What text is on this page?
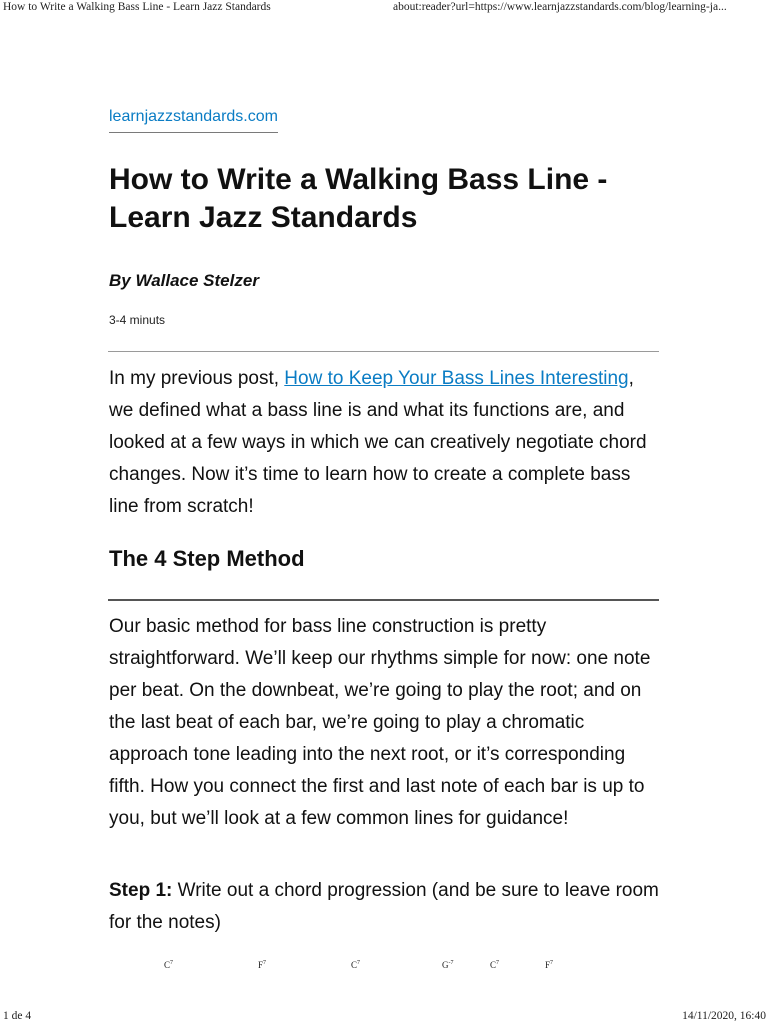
How to Write a Walking Bass Line - Learn Jazz Standards	about:reader?url=https://www.learnjazzstandards.com/blog/learning-ja...
learnjazzstandards.com
How to Write a Walking Bass Line - Learn Jazz Standards

By Wallace Stelzer

3-4 minuts

In my previous post, How to Keep Your Bass Lines Interesting, we defined what a bass line is and what its functions are, and looked at a few ways in which we can creatively negotiate chord changes. Now it’s time to learn how to create a complete bass line from scratch!

The 4 Step Method

Our basic method for bass line construction is pretty straightforward. We’ll keep our rhythms simple for now: one note per beat. On the downbeat, we’re going to play the root; and on the last beat of each bar, we’re going to play a chromatic approach tone leading into the next root, or it’s corresponding fifth. How you connect the first and last note of each bar is up to you, but we’ll look at a few common lines for guidance!

Step 1: Write out a chord progression (and be sure to leave room for the notes)

$C^7$	$F^7$	$C^7$	$G^{-7}$	$C^7$	$F^7$
1 de 4	14/11/2020, 16:40
